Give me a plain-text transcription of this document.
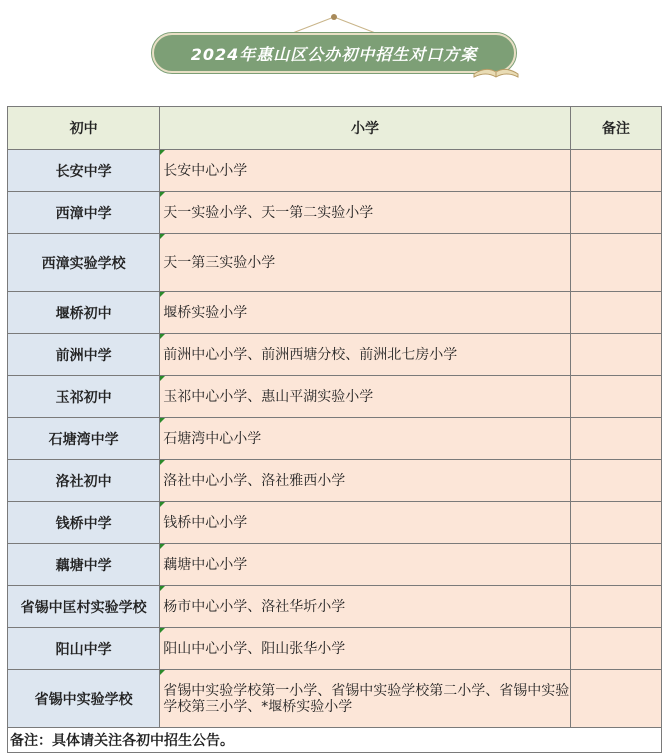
2024年惠山区公办初中招生对口方案
初中	小学	备注
长安中学	长安中心小学	
西漳中学	天一实验小学、天一第二实验小学	
西漳实验学校	天一第三实验小学	
堰桥初中	堰桥实验小学	
前洲中学	前洲中心小学、前洲西塘分校、前洲北七房小学	
玉祁初中	玉祁中心小学、惠山平湖实验小学	
石塘湾中学	石塘湾中心小学	
洛社初中	洛社中心小学、洛社雅西小学	
钱桥中学	钱桥中心小学	
藕塘中学	藕塘中心小学	
省锡中匡村实验学校	杨市中心小学、洛社华圻小学	
阳山中学	阳山中心小学、阳山张华小学	
省锡中实验学校	省锡中实验学校第一小学、省锡中实验学校第二小学、省锡中实验学校第三小学、*堰桥实验小学	
备注：具体请关注各初中招生公告。		
